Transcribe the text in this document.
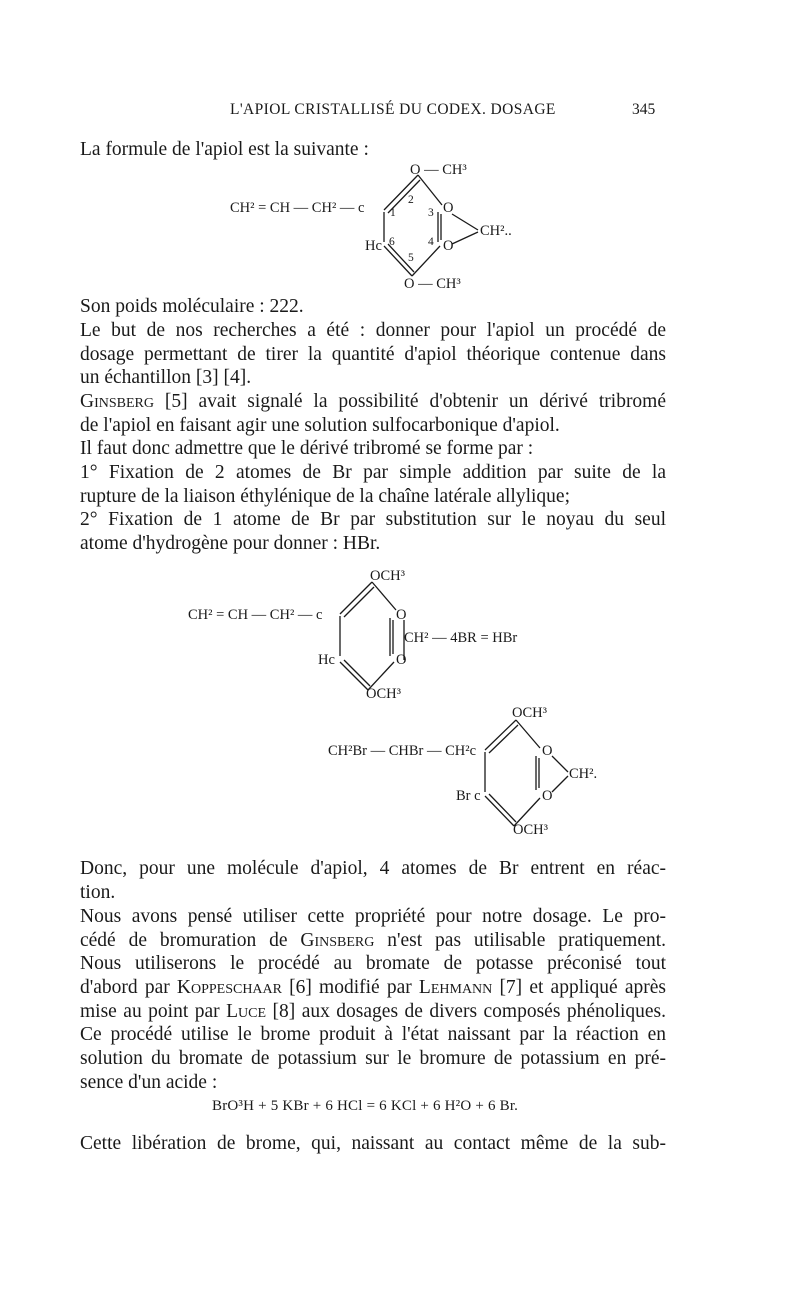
L'APIOL CRISTALLISÉ DU CODEX. DOSAGE	345
La formule de l'apiol est la suivante :
O — CH³
CH² = CH — CH² — c	2
1	3 O
CH²..
Hc 6	4 O
5
O — CH³
Son poids moléculaire : 222.
Le but de nos recherches a été : donner pour l'apiol un procédé de
dosage permettant de tirer la quantité d'apiol théorique contenue dans
un échantillon [3] [4].
Ginsberg [5] avait signalé la possibilité d'obtenir un dérivé tribromé
de l'apiol en faisant agir une solution sulfocarbonique d'apiol.
Il faut donc admettre que le dérivé tribromé se forme par :
1° Fixation de 2 atomes de Br par simple addition par suite de la
rupture de la liaison éthylénique de la chaîne latérale allylique;
2° Fixation de 1 atome de Br par substitution sur le noyau du seul
atome d'hydrogène pour donner : HBr.
OCH³
CH² = CH — CH² — c	O
CH² — 4BR = HBr
Hc	O
OCH³
OCH³
CH²Br — CHBr — CH²c	O
CH².
Br c	O
OCH³
Donc, pour une molécule d'apiol, 4 atomes de Br entrent en réac-
tion.
Nous avons pensé utiliser cette propriété pour notre dosage. Le pro-
cédé de bromuration de Ginsberg n'est pas utilisable pratiquement.
Nous utiliserons le procédé au bromate de potasse préconisé tout
d'abord par Koppeschaar [6] modifié par Lehmann [7] et appliqué après
mise au point par Luce [8] aux dosages de divers composés phénoliques.
Ce procédé utilise le brome produit à l'état naissant par la réaction en
solution du bromate de potassium sur le bromure de potassium en pré-
sence d'un acide :
BrO³H + 5 KBr + 6 HCl = 6 KCl + 6 H²O + 6 Br.
Cette libération de brome, qui, naissant au contact même de la sub-
